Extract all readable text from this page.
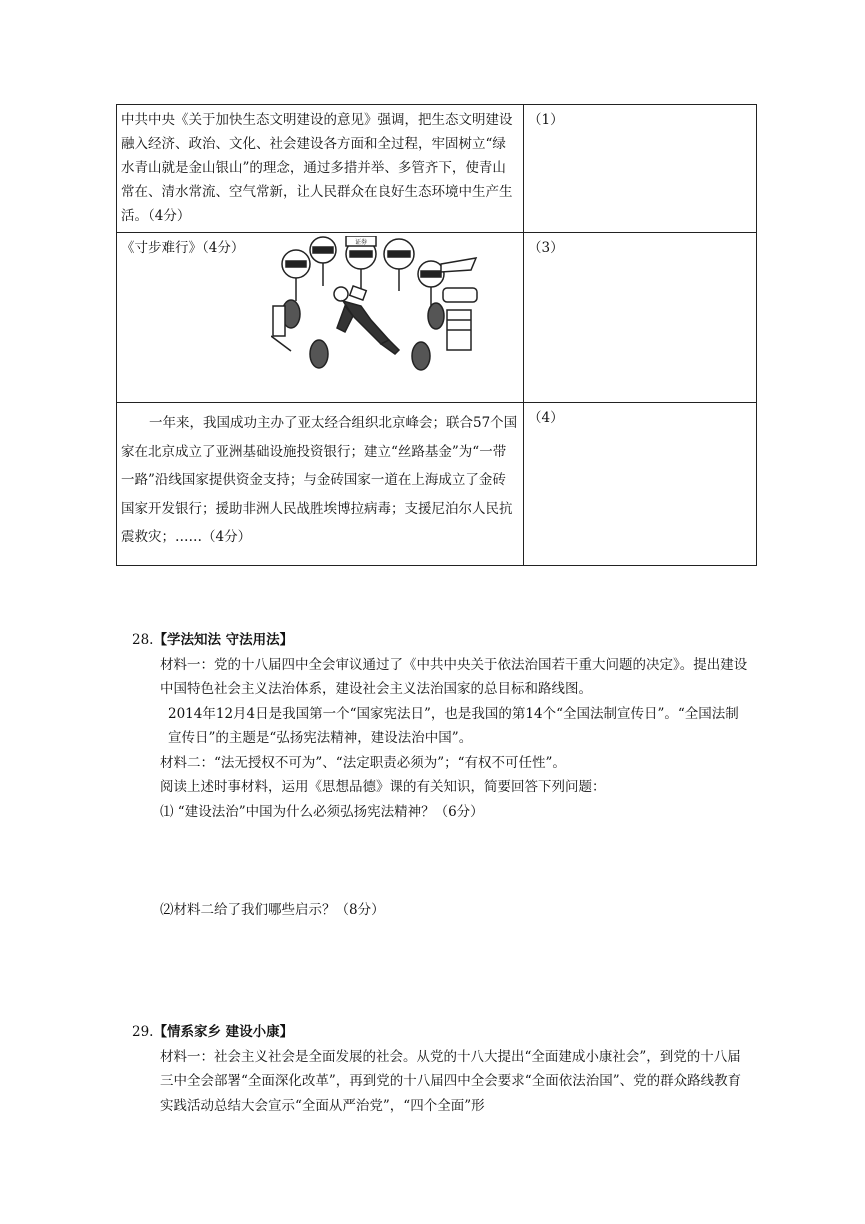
中共中央《关于加快生态文明建设的意见》强调，把生态文明建设融入经济、政治、文化、社会建设各方面和全过程，牢固树立“绿水青山就是金山银山”的理念，通过多措并举、多管齐下，使青山常在、清水常流、空气常新，让人民群众在良好生态环境中生产生活。（4分）	（1）

《寸步难行》（4分） 证券	（3）
一年来，我国成功主办了亚太经合组织北京峰会；联合57个国家在北京成立了亚洲基础设施投资银行；建立“丝路基金”为“一带一路”沿线国家提供资金支持；与金砖国家一道在上海成立了金砖国家开发银行；援助非洲人民战胜埃博拉病毒；支援尼泊尔人民抗震救灾；……（4分）	（4）

28.【学法知法 守法用法】

材料一：党的十八届四中全会审议通过了《中共中央关于依法治国若干重大问题的决定》。提出建设中国特色社会主义法治体系，建设社会主义法治国家的总目标和路线图。

2014年12月4日是我国第一个“国家宪法日”，也是我国的第14个“全国法制宣传日”。“全国法制宣传日”的主题是“弘扬宪法精神，建设法治中国”。

材料二：“法无授权不可为”、“法定职责必须为”；“有权不可任性”。

阅读上述时事材料，运用《思想品德》课的有关知识，简要回答下列问题：

⑴ “建设法治”中国为什么必须弘扬宪法精神？（6分）

⑵材料二给了我们哪些启示？（8分）

29.【情系家乡 建设小康】

材料一：社会主义社会是全面发展的社会。从党的十八大提出“全面建成小康社会”，到党的十八届三中全会部署“全面深化改革”，再到党的十八届四中全会要求“全面依法治国”、党的群众路线教育实践活动总结大会宣示“全面从严治党”，“四个全面”形
